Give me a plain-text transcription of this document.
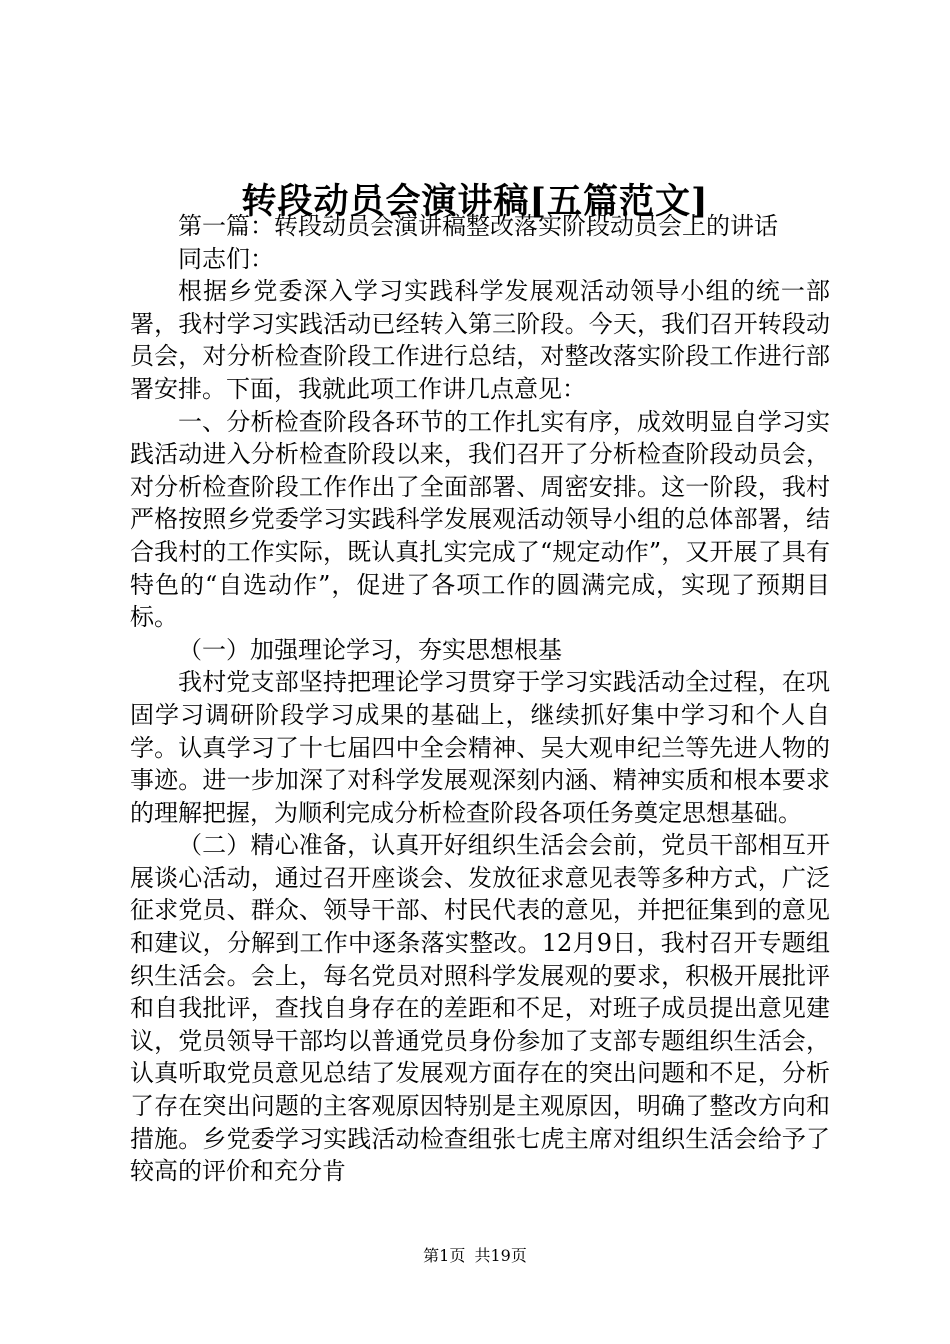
转段动员会演讲稿[五篇范文]

第一篇：转段动员会演讲稿整改落实阶段动员会上的讲话

同志们：

根据乡党委深入学习实践科学发展观活动领导小组的统一部署，我村学习实践活动已经转入第三阶段。今天，我们召开转段动员会，对分析检查阶段工作进行总结，对整改落实阶段工作进行部署安排。下面，我就此项工作讲几点意见：

一、分析检查阶段各环节的工作扎实有序，成效明显自学习实践活动进入分析检查阶段以来，我们召开了分析检查阶段动员会，对分析检查阶段工作作出了全面部署、周密安排。这一阶段，我村严格按照乡党委学习实践科学发展观活动领导小组的总体部署，结合我村的工作实际，既认真扎实完成了“规定动作”，又开展了具有特色的“自选动作”，促进了各项工作的圆满完成，实现了预期目标。

（一）加强理论学习，夯实思想根基

我村党支部坚持把理论学习贯穿于学习实践活动全过程，在巩固学习调研阶段学习成果的基础上，继续抓好集中学习和个人自学。认真学习了十七届四中全会精神、吴大观申纪兰等先进人物的事迹。进一步加深了对科学发展观深刻内涵、精神实质和根本要求的理解把握，为顺利完成分析检查阶段各项任务奠定思想基础。

（二）精心准备，认真开好组织生活会会前，党员干部相互开展谈心活动，通过召开座谈会、发放征求意见表等多种方式，广泛征求党员、群众、领导干部、村民代表的意见，并把征集到的意见和建议，分解到工作中逐条落实整改。12月9日，我村召开专题组织生活会。会上，每名党员对照科学发展观的要求，积极开展批评和自我批评，查找自身存在的差距和不足，对班子成员提出意见建议，党员领导干部均以普通党员身份参加了支部专题组织生活会，认真听取党员意见总结了发展观方面存在的突出问题和不足，分析了存在突出问题的主客观原因特别是主观原因，明确了整改方向和措施。乡党委学习实践活动检查组张七虎主席对组织生活会给予了较高的评价和充分肯

第1页 共19页
